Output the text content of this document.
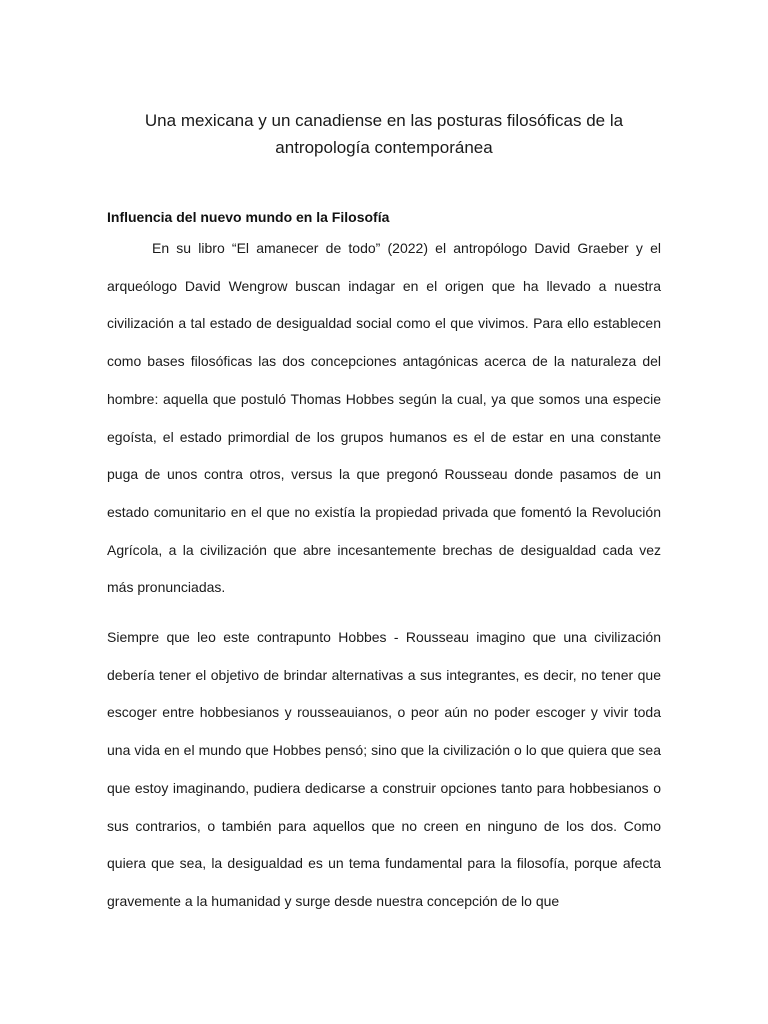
Una mexicana y un canadiense en las posturas filosóficas de la
antropología contemporánea
Influencia del nuevo mundo en la Filosofía

En su libro “El amanecer de todo” (2022) el antropólogo David Graeber y el arqueólogo David Wengrow buscan indagar en el origen que ha llevado a nuestra civilización a tal estado de desigualdad social como el que vivimos. Para ello establecen como bases filosóficas las dos concepciones antagónicas acerca de la naturaleza del hombre: aquella que postuló Thomas Hobbes según la cual, ya que somos una especie egoísta, el estado primordial de los grupos humanos es el de estar en una constante puga de unos contra otros, versus la que pregonó Rousseau donde pasamos de un estado comunitario en el que no existía la propiedad privada que fomentó la Revolución Agrícola, a la civilización que abre incesantemente brechas de desigualdad cada vez más pronunciadas.

Siempre que leo este contrapunto Hobbes - Rousseau imagino que una civilización debería tener el objetivo de brindar alternativas a sus integrantes, es decir, no tener que escoger entre hobbesianos y rousseauianos, o peor aún no poder escoger y vivir toda una vida en el mundo que Hobbes pensó; sino que la civilización o lo que quiera que sea que estoy imaginando, pudiera dedicarse a construir opciones tanto para hobbesianos o sus contrarios, o también para aquellos que no creen en ninguno de los dos. Como quiera que sea, la desigualdad es un tema fundamental para la filosofía, porque afecta gravemente a la humanidad y surge desde nuestra concepción de lo que
